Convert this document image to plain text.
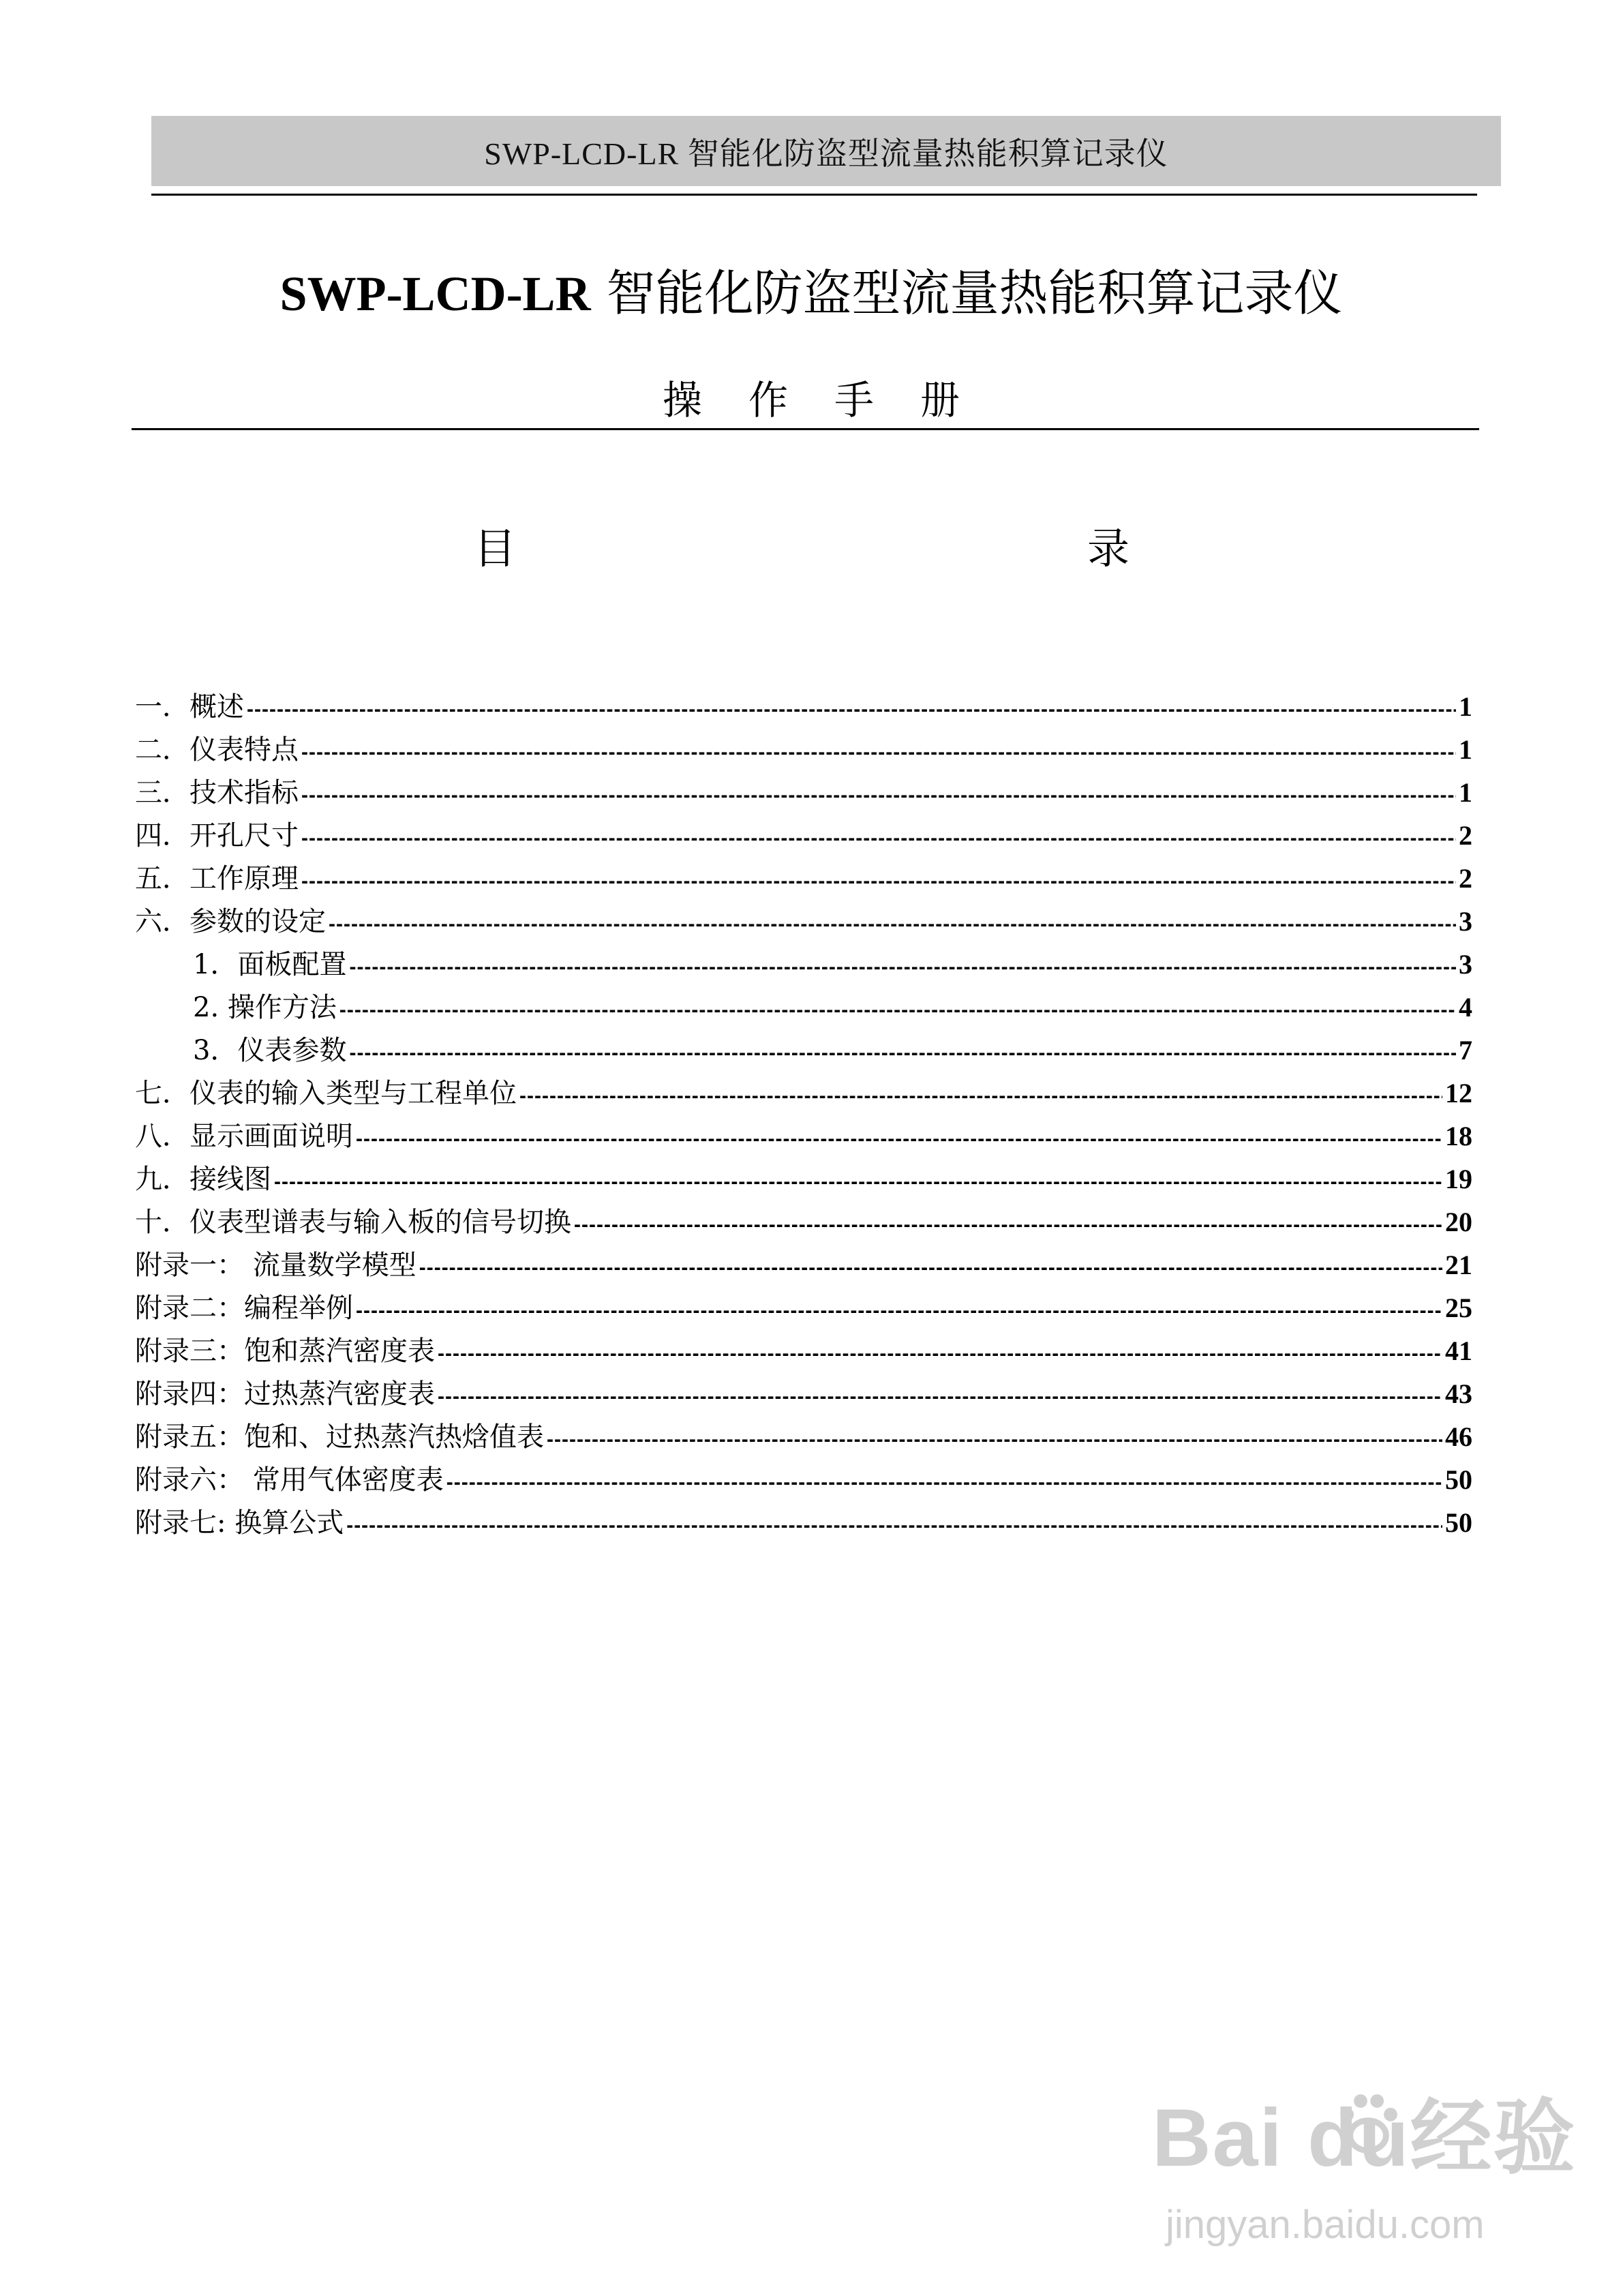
SWP-LCD-LR 智能化防盗型流量热能积算记录仪
SWP-LCD-LR 智能化防盗型流量热能积算记录仪
操作手册
目	录
一．概述 -----	1
二．仪表特点 -----	1
三．技术指标 -----	1
四．开孔尺寸 -----	2
五．工作原理 -----	2
六．参数的设定 -----	3
1．面板配置 -----	3
2. 操作方法 -----	4
3．仪表参数 -----	7
七．仪表的输入类型与工程单位 -----	12
八．显示画面说明 -----	18
九．接线图 -----	19
十．仪表型谱表与输入板的信号切换 -----	20
附录一： 流量数学模型 -----	21
附录二：编程举例 -----	25
附录三：饱和蒸汽密度表 -----	41
附录四：过热蒸汽密度表 -----	43
附录五：饱和、过热蒸汽热焓值表 -----	46
附录六： 常用气体密度表 -----	50
附录七: 换算公式 -----	50
Bai du经验
jingyan.baidu.com
